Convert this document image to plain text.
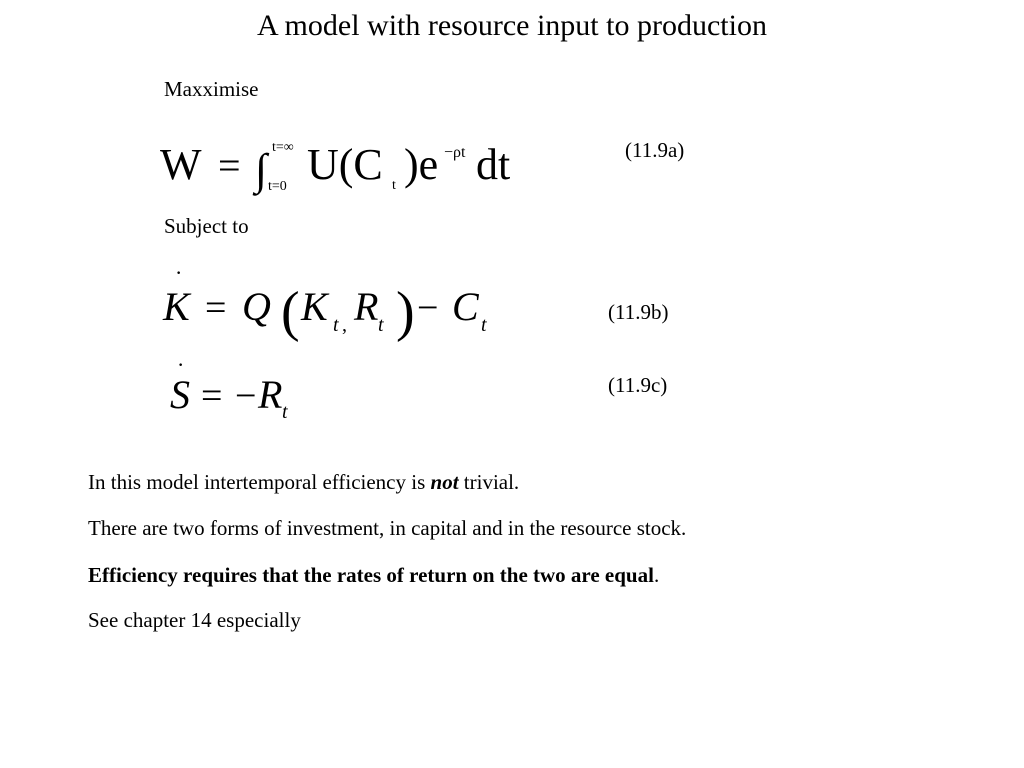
A model with resource input to production
Maxximise
W = ∫ t=∞
t=0 U(C t )e −ρt dt	(11.9a)
Subject to
·
K = Q ( K t , R t ) − C t
(11.9b)
·
S = − R t
(11.9c)
In this model intertemporal efficiency is not trivial.
There are two forms of investment, in capital and in the resource stock.
Efficiency requires that the rates of return on the two are equal.
See chapter 14 especially
